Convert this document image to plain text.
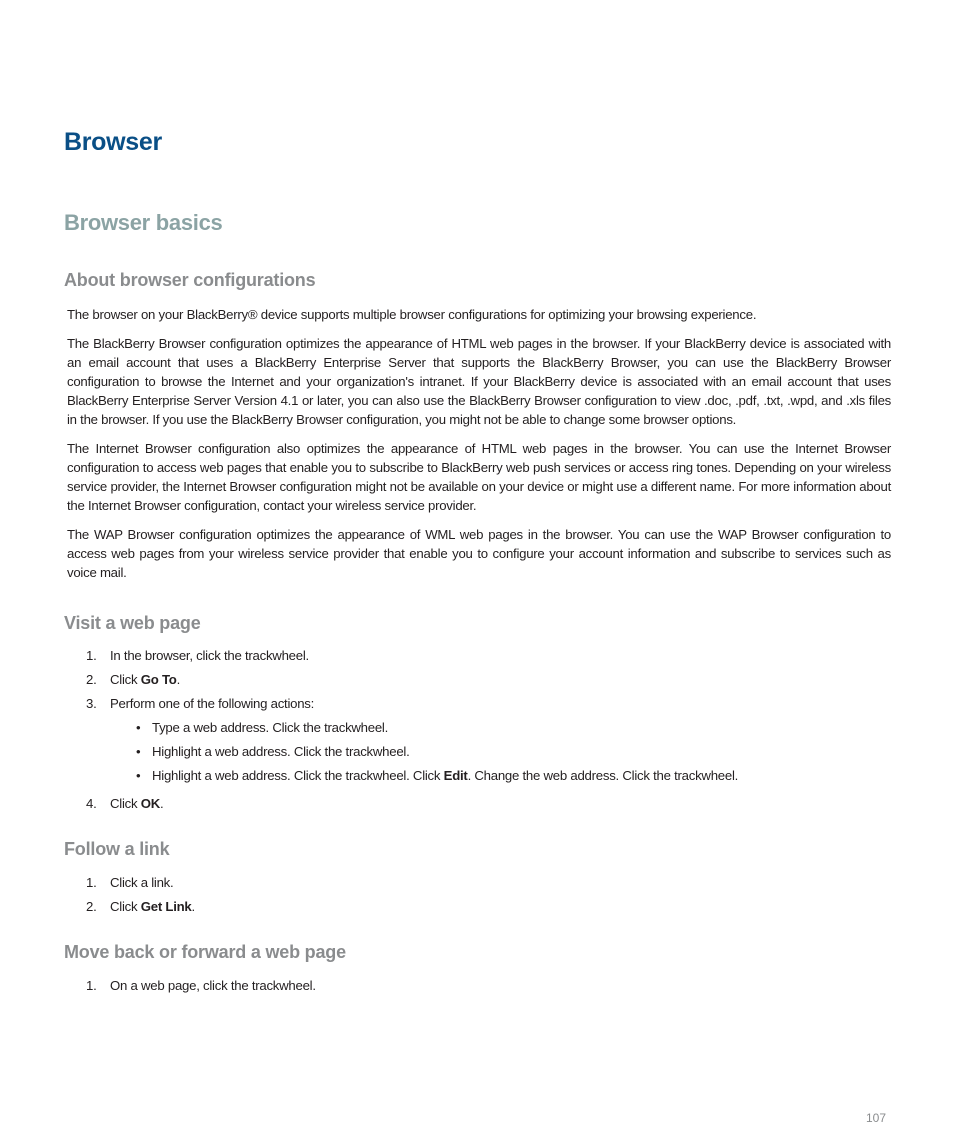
Browser
Browser basics
About browser configurations

The browser on your BlackBerry® device supports multiple browser configurations for optimizing your browsing experience.

The BlackBerry Browser configuration optimizes the appearance of HTML web pages in the browser. If your BlackBerry device is associated with an email account that uses a BlackBerry Enterprise Server that supports the BlackBerry Browser, you can use the BlackBerry Browser configuration to browse the Internet and your organization's intranet. If your BlackBerry device is associated with an email account that uses BlackBerry Enterprise Server Version 4.1 or later, you can also use the BlackBerry Browser configuration to view .doc, .pdf, .txt, .wpd, and .xls files in the browser. If you use the BlackBerry Browser configuration, you might not be able to change some browser options.

The Internet Browser configuration also optimizes the appearance of HTML web pages in the browser. You can use the Internet Browser configuration to access web pages that enable you to subscribe to BlackBerry web push services or access ring tones. Depending on your wireless service provider, the Internet Browser configuration might not be available on your device or might use a different name. For more information about the Internet Browser configuration, contact your wireless service provider.

The WAP Browser configuration optimizes the appearance of WML web pages in the browser. You can use the WAP Browser configuration to access web pages from your wireless service provider that enable you to configure your account information and subscribe to services such as voice mail.

Visit a web page
1.	In the browser, click the trackwheel.
2.	Click Go To.
3.	Perform one of the following actions:
• Type a web address. Click the trackwheel.
• Highlight a web address. Click the trackwheel.
• Highlight a web address. Click the trackwheel. Click Edit. Change the web address. Click the trackwheel.
4.	Click OK.
Follow a link
1.	Click a link.
2.	Click Get Link.
Move back or forward a web page
1.	On a web page, click the trackwheel.
107
